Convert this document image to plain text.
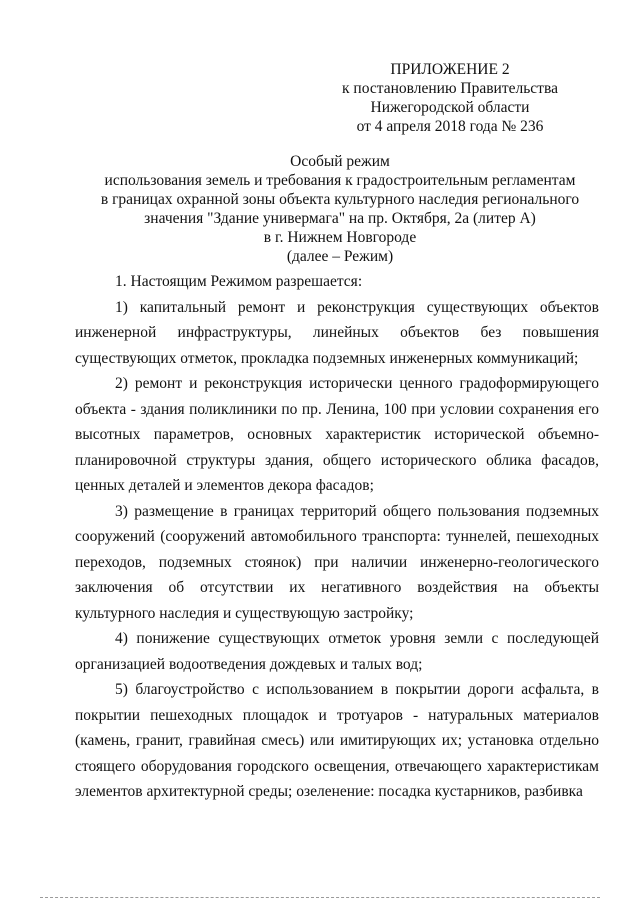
ПРИЛОЖЕНИЕ 2
к постановлению Правительства
Нижегородской области
от 4 апреля 2018 года № 236
Особый режим
использования земель и требования к градостроительным регламентам
в границах охранной зоны объекта культурного наследия регионального
значения "Здание универмага" на пр. Октября, 2а (литер А)
в г. Нижнем Новгороде
(далее – Режим)

1. Настоящим Режимом разрешается:

1) капитальный ремонт и реконструкция существующих объектов инженерной инфраструктуры, линейных объектов без повышения существующих отметок, прокладка подземных инженерных коммуникаций;

2) ремонт и реконструкция исторически ценного градоформирующего объекта - здания поликлиники по пр. Ленина, 100 при условии сохранения его высотных параметров, основных характеристик исторической объемно-планировочной структуры здания, общего исторического облика фасадов, ценных деталей и элементов декора фасадов;

3) размещение в границах территорий общего пользования подземных сооружений (сооружений автомобильного транспорта: туннелей, пешеходных переходов, подземных стоянок) при наличии инженерно-геологического заключения об отсутствии их негативного воздействия на объекты культурного наследия и существующую застройку;

4) понижение существующих отметок уровня земли с последующей организацией водоотведения дождевых и талых вод;

5) благоустройство с использованием в покрытии дороги асфальта, в покрытии пешеходных площадок и тротуаров - натуральных материалов (камень, гранит, гравийная смесь) или имитирующих их; установка отдельно стоящего оборудования городского освещения, отвечающего характеристикам элементов архитектурной среды; озеленение: посадка кустарников, разбивка
